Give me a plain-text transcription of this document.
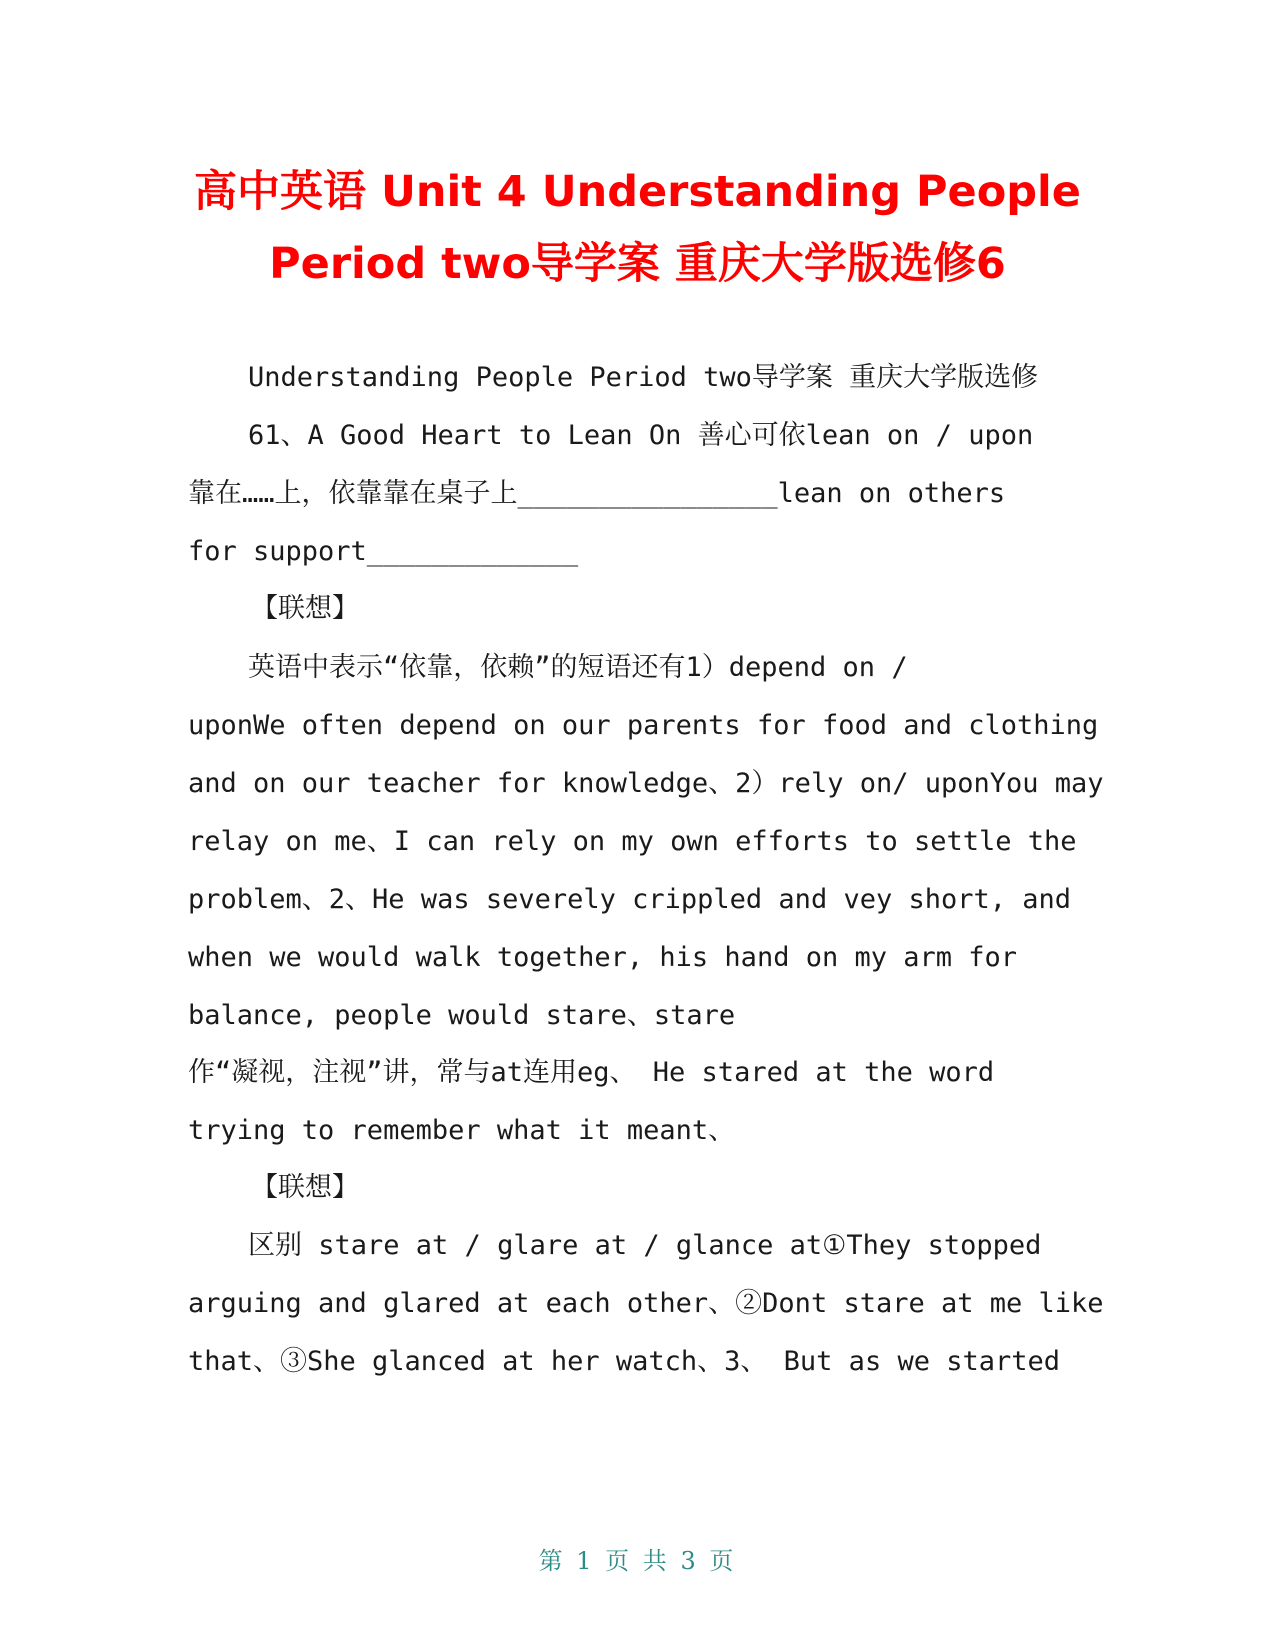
高中英语 Unit 4 Understanding People
Period two导学案 重庆大学版选修6
Understanding People Period two导学案 重庆大学版选修
61、A Good Heart to Lean On 善心可依lean on / upon
靠在……上，依靠靠在桌子上________________lean on others
for support_____________
【联想】
英语中表示“依靠，依赖”的短语还有1）depend on /
uponWe often depend on our parents for food and clothing
and on our teacher for knowledge、2）rely on/ uponYou may
relay on me、I can rely on my own efforts to settle the
problem、2、He was severely crippled and vey short, and
when we would walk together, his hand on my arm for
balance, people would stare、stare
作“凝视，注视”讲，常与at连用eg、 He stared at the word
trying to remember what it meant、
【联想】
区别 stare at / glare at / glance at①They stopped
arguing and glared at each other、②Dont stare at me like
that、③She glanced at her watch、3、 But as we started
第 1 页 共 3 页
